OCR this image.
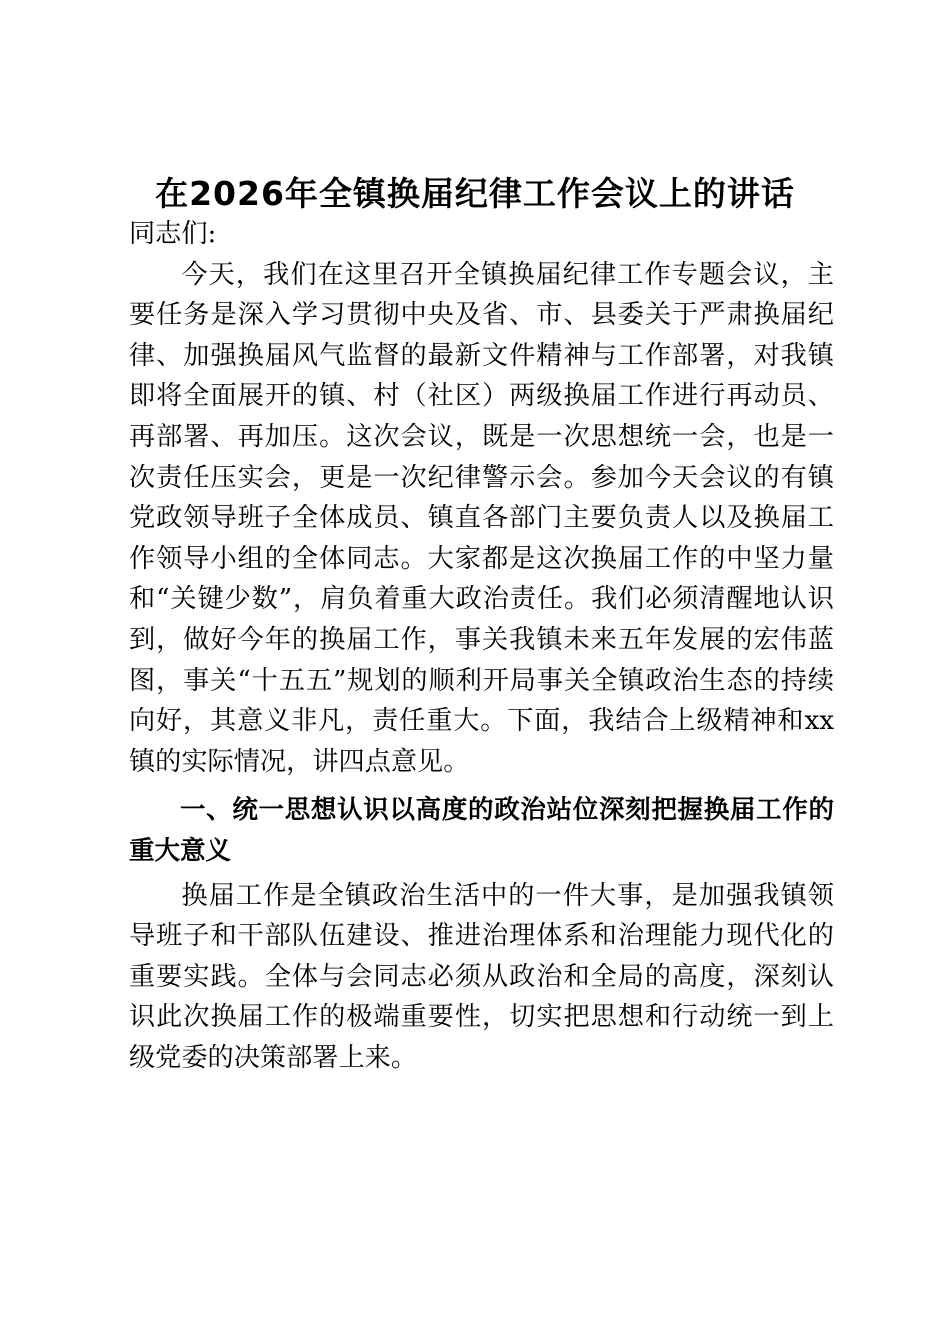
在2026年全镇换届纪律工作会议上的讲话

同志们:

今天，我们在这里召开全镇换届纪律工作专题会议，主要任务是深入学习贯彻中央及省、市、县委关于严肃换届纪律、加强换届风气监督的最新文件精神与工作部署，对我镇即将全面展开的镇、村（社区）两级换届工作进行再动员、再部署、再加压。这次会议，既是一次思想统一会，也是一次责任压实会，更是一次纪律警示会。参加今天会议的有镇党政领导班子全体成员、镇直各部门主要负责人以及换届工作领导小组的全体同志。大家都是这次换届工作的中坚力量和“关键少数”，肩负着重大政治责任。我们必须清醒地认识到，做好今年的换届工作，事关我镇未来五年发展的宏伟蓝图，事关“十五五”规划的顺利开局事关全镇政治生态的持续向好，其意义非凡，责任重大。下面，我结合上级精神和xx镇的实际情况，讲四点意见。

一、统一思想认识以高度的政治站位深刻把握换届工作的重大意义

换届工作是全镇政治生活中的一件大事，是加强我镇领导班子和干部队伍建设、推进治理体系和治理能力现代化的重要实践。全体与会同志必须从政治和全局的高度，深刻认识此次换届工作的极端重要性，切实把思想和行动统一到上级党委的决策部署上来。
